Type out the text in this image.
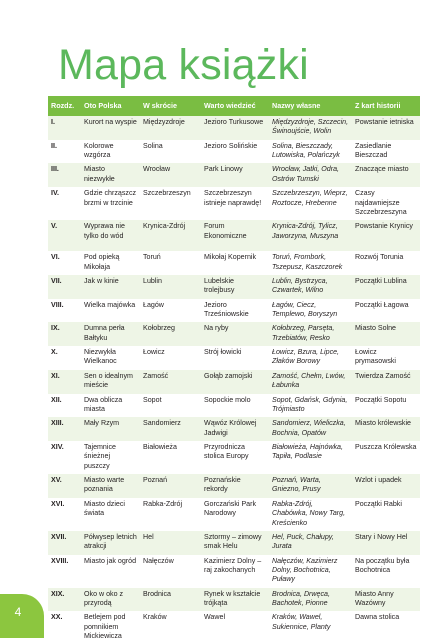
Mapa książki
Rozdz.	Oto Polska	W skrócie	Warto wiedzieć	Nazwy własne	Z kart historii
I.	Kurort na wyspie	Międzyzdroje	Jezioro Turkusowe	Międzyzdroje, Szczecin, Świnoujście, Wolin	Powstanie ietniska
II.	Kolorowe wzgórza	Solina	Jezioro Solińskie	Solina, Bieszczady, Lutowiska, Polańczyk	Zasiedlanie Bieszczad
III.	Miasto niezwykłe	Wrocław	Park Linowy	Wrocław, Jatki, Odra, Ostrów Tumski	Znaczące miasto
IV.	Gdzie chrząszcz brzmi w trzcinie	Szczebrzeszyn	Szczebrzeszyn istnieje naprawdę!	Szczebrzeszyn, Wieprz, Roztocze, Hrebenne	Czasy najdawniejsze Szczebrzeszyna
V.	Wyprawa nie tylko do wód	Krynica-Zdrój	Forum Ekonomiczne	Krynica-Zdrój, Tylicz, Jaworzyna, Muszyna	Powstanie Krynicy
VI.	Pod opieką Mikołaja	Toruń	Mikołaj Kopernik	Toruń, Frombork, Tszepusz, Kaszczorek	Rozwój Torunia
VII.	Jak w kinie	Lublin	Lubelskie trolejbusy	Lublin, Bystrzyca, Czwartek, Wilno	Początki Lublina
VIII.	Wielka majówka	Łagów	Jezioro Trześniowskie	Łagów, Ciecz, Templewo, Boryszyn	Początki Łagowa
IX.	Dumna perła Bałtyku	Kołobrzeg	Na ryby	Kołobrzeg, Parsęta, Trzebiatów, Resko	Miasto Solne
X.	Niezwykła Wielkanoc	Łowicz	Strój łowicki	Łowicz, Bzura, Lipce, Złaków Borowy	Łowicz prymasowski
XI.	Sen o idealnym mieście	Zamość	Gołąb zamojski	Zamość, Chełm, Lwów, Łabunka	Twierdza Zamość
XII.	Dwa oblicza miasta	Sopot	Sopockie molo	Sopot, Gdańsk, Gdynia, Trójmiasto	Początki Sopotu
XIII.	Mały Rzym	Sandomierz	Wąwóz Królowej Jadwigi	Sandomierz, Wieliczka, Bochnia, Opatów	Miasto królewskie
XIV.	Tajemnice śnieżnej puszczy	Białowieża	Przyrodnicza stolica Europy	Białowieża, Hajnówka, Tapiła, Podlasie	Puszcza Królewska
XV.	Miasto warte poznania	Poznań	Poznańskie rekordy	Poznań, Warta, Gniezno, Prusy	Wzlot i upadek
XVI.	Miasto dzieci świata	Rabka-Zdrój	Gorczański Park Narodowy	Rabka-Zdrój, Chabówka, Nowy Targ, Kreścienko	Początki Rabki
XVII.	Półwysep letnich atrakcji	Hel	Sztormy – zimowy smak Helu	Hel, Puck, Chałupy, Jurata	Stary i Nowy Hel
XVIII.	Miasto jak ogród	Nałęczów	Kazimierz Dolny – raj zakochanych	Nałęczów, Kazimierz Dolny, Bochotnica, Puławy	Na początku była Bochotnica
XIX.	Oko w oko z przyrodą	Brodnica	Rynek w kształcie trójkąta	Brodnica, Drwęca, Bachotek, Pionne	Miasto Anny Wazówny
XX.	Betlejem pod pomnikiem Mickiewicza	Kraków	Wawel	Kraków, Wawel, Sukiennice, Planty	Dawna stolica
4
